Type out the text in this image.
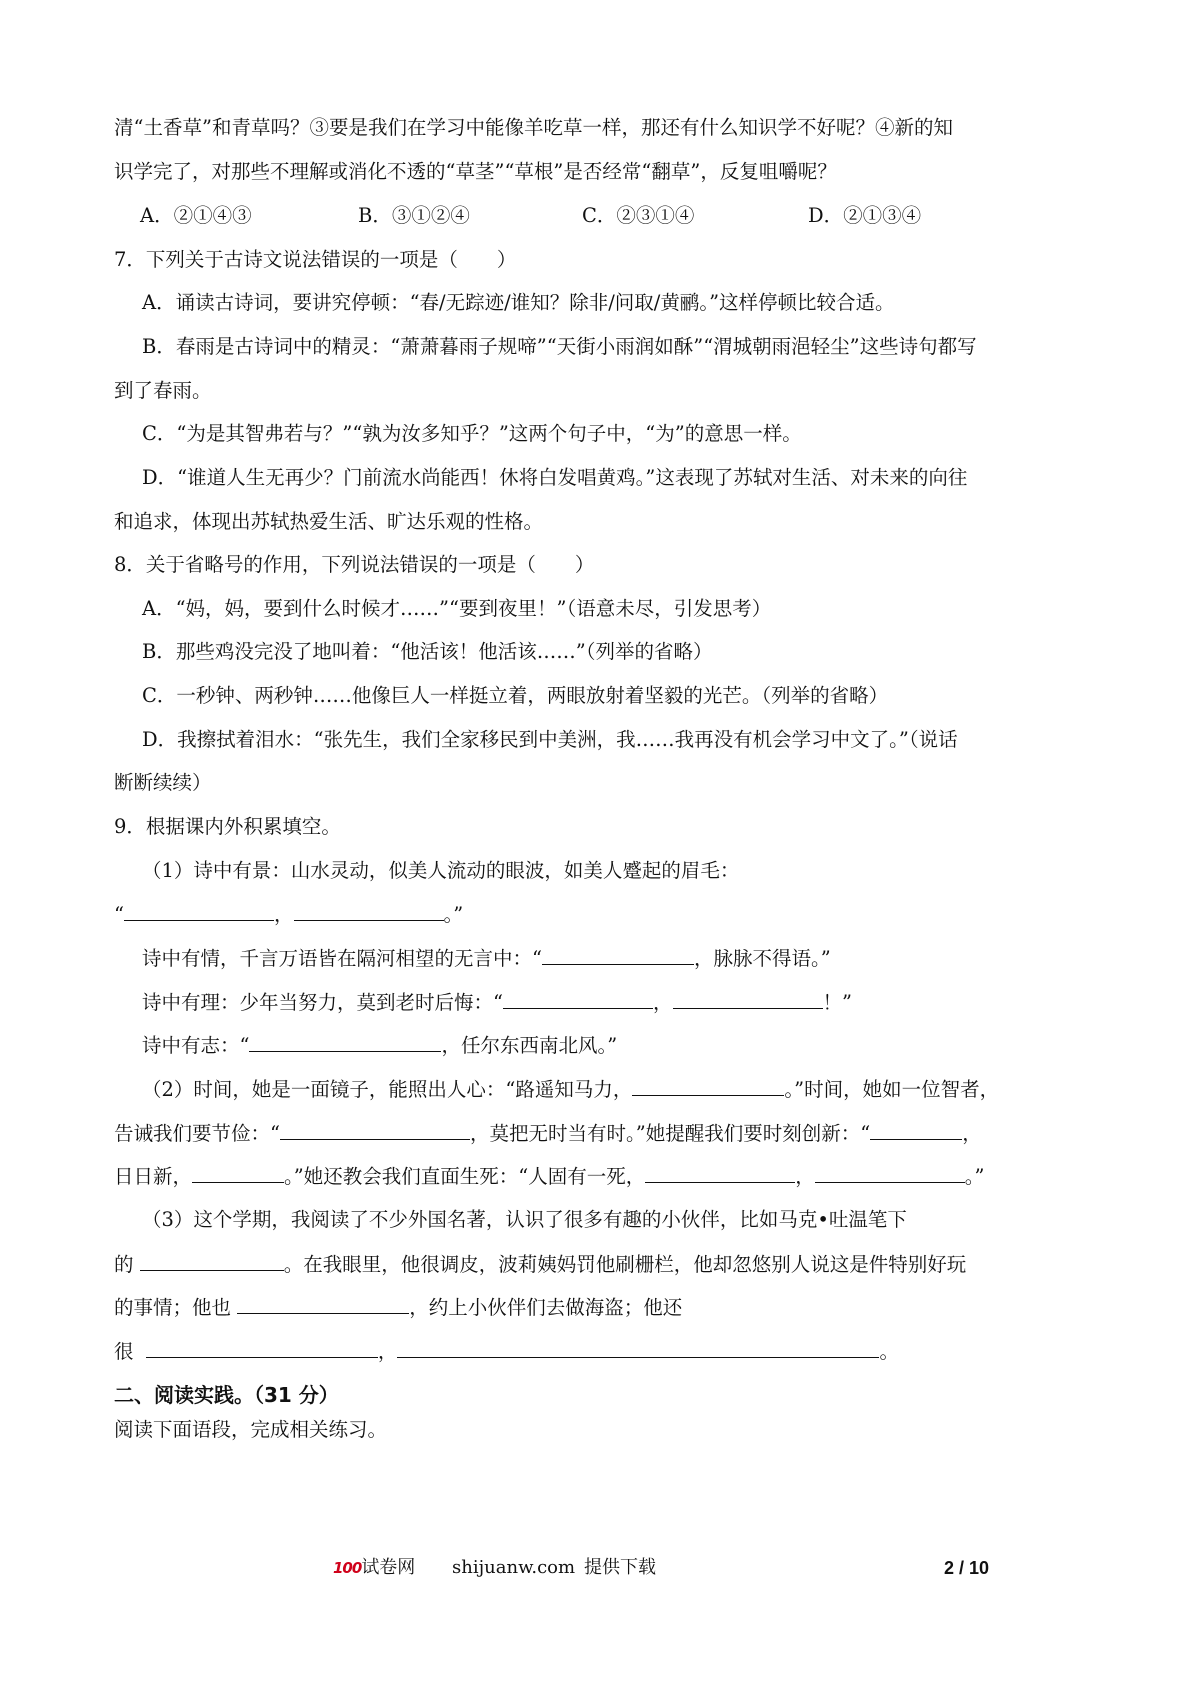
清“土香草”和青草吗？③要是我们在学习中能像羊吃草一样，那还有什么知识学不好呢？④新的知
识学完了，对那些不理解或消化不透的“草茎”“草根”是否经常“翻草”，反复咀嚼呢？
A．②①④③	B．③①②④	C．②③①④	D．②①③④
7．下列关于古诗文说法错误的一项是（　　）
A．诵读古诗词，要讲究停顿：“春/无踪迹/谁知？除非/问取/黄鹂。”这样停顿比较合适。
B．春雨是古诗词中的精灵：“萧萧暮雨子规啼”“天街小雨润如酥”“渭城朝雨浥轻尘”这些诗句都写
到了春雨。
C．“为是其智弗若与？”“孰为汝多知乎？”这两个句子中，“为”的意思一样。
D．“谁道人生无再少？门前流水尚能西！休将白发唱黄鸡。”这表现了苏轼对生活、对未来的向往
和追求，体现出苏轼热爱生活、旷达乐观的性格。
8．关于省略号的作用，下列说法错误的一项是（　　）
A．“妈，妈，要到什么时候才……”“要到夜里！”（语意未尽，引发思考）
B．那些鸡没完没了地叫着：“他活该！他活该……”（列举的省略）
C．一秒钟、两秒钟……他像巨人一样挺立着，两眼放射着坚毅的光芒。（列举的省略）
D．我擦拭着泪水：“张先生，我们全家移民到中美洲，我……我再没有机会学习中文了。”（说话
断断续续）
9．根据课内外积累填空。
（1）诗中有景：山水灵动，似美人流动的眼波，如美人蹙起的眉毛：
“	，	。”
诗中有情，千言万语皆在隔河相望的无言中：“	，脉脉不得语。”
诗中有理：少年当努力，莫到老时后悔：“	，	！”
诗中有志：“	，任尔东西南北风。”
（2）时间，她是一面镜子，能照出人心：“路遥知马力，	。”时间，她如一位智者，
告诫我们要节俭：“	，莫把无时当有时。”她提醒我们要时刻创新：“	，
日日新，	。”她还教会我们直面生死：“人固有一死，	，	。”
（3）这个学期，我阅读了不少外国名著，认识了很多有趣的小伙伴，比如马克•吐温笔下
的	。在我眼里，他很调皮，波莉姨妈罚他刷栅栏，他却忽悠别人说这是件特别好玩
的事情；他也	，约上小伙伴们去做海盗；他还
很	，	。
二、阅读实践。（31 分）
阅读下面语段，完成相关练习。
100试卷网 shijuanw.com 提供下载	2 / 10
